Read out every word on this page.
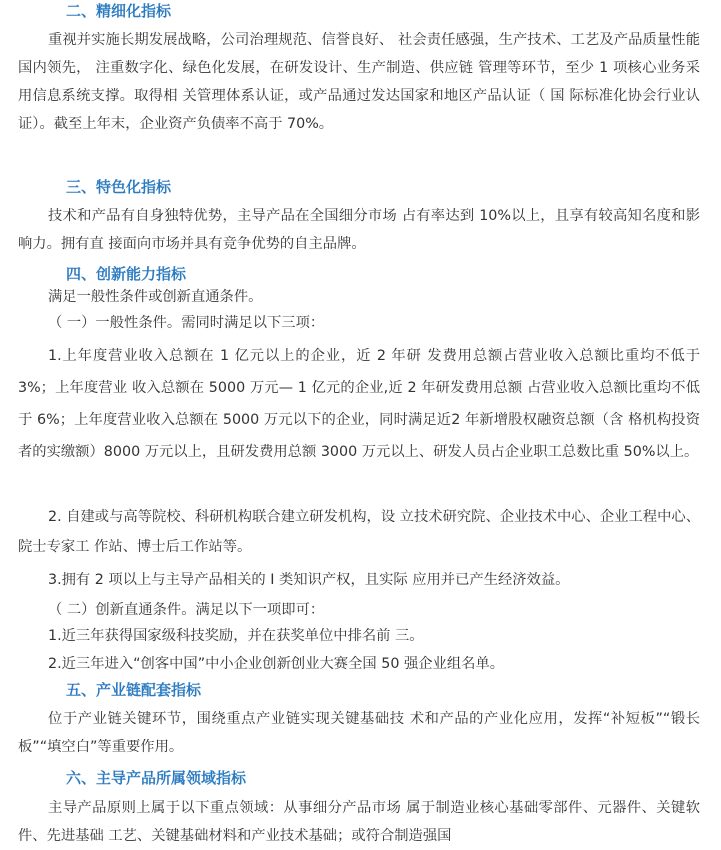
二、精细化指标

重视并实施长期发展战略，公司治理规范、信誉良好、 社会责任感强，生产技术、工艺及产品质量性能国内领先， 注重数字化、绿色化发展，在研发设计、生产制造、供应链 管理等环节，至少 1 项核心业务采用信息系统支撑。取得相 关管理体系认证，或产品通过发达国家和地区产品认证（ 国 际标准化协会行业认证）。截至上年末，企业资产负债率不高于 70%。

三、特色化指标

技术和产品有自身独特优势，主导产品在全国细分市场 占有率达到 10%以上，且享有较高知名度和影响力。拥有直 接面向市场并具有竞争优势的自主品牌。

四、创新能力指标

满足一般性条件或创新直通条件。

（ 一）一般性条件。需同时满足以下三项：

1.上年度营业收入总额在 1 亿元以上的企业，近 2 年研 发费用总额占营业收入总额比重均不低于 3%；上年度营业 收入总额在 5000 万元— 1 亿元的企业,近 2 年研发费用总额 占营业收入总额比重均不低于 6%；上年度营业收入总额在 5000 万元以下的企业，同时满足近2 年新增股权融资总额（含 格机构投资者的实缴额）8000 万元以上，且研发费用总额 3000 万元以上、研发人员占企业职工总数比重 50%以上。

2. 自建或与高等院校、科研机构联合建立研发机构，设 立技术研究院、企业技术中心、企业工程中心、院士专家工 作站、博士后工作站等。

3.拥有 2 项以上与主导产品相关的 I 类知识产权，且实际 应用并已产生经济效益。

（ 二）创新直通条件。满足以下一项即可：

1.近三年获得国家级科技奖励，并在获奖单位中排名前 三。

2.近三年进入“创客中国”中小企业创新创业大赛全国 50 强企业组名单。

五、产业链配套指标

位于产业链关键环节，围绕重点产业链实现关键基础技 术和产品的产业化应用，发挥“补短板”“锻长板”“填空白”等重要作用。

六、主导产品所属领域指标

主导产品原则上属于以下重点领域：从事细分产品市场 属于制造业核心基础零部件、元器件、关键软件、先进基础 工艺、关键基础材料和产业技术基础；或符合制造强国
